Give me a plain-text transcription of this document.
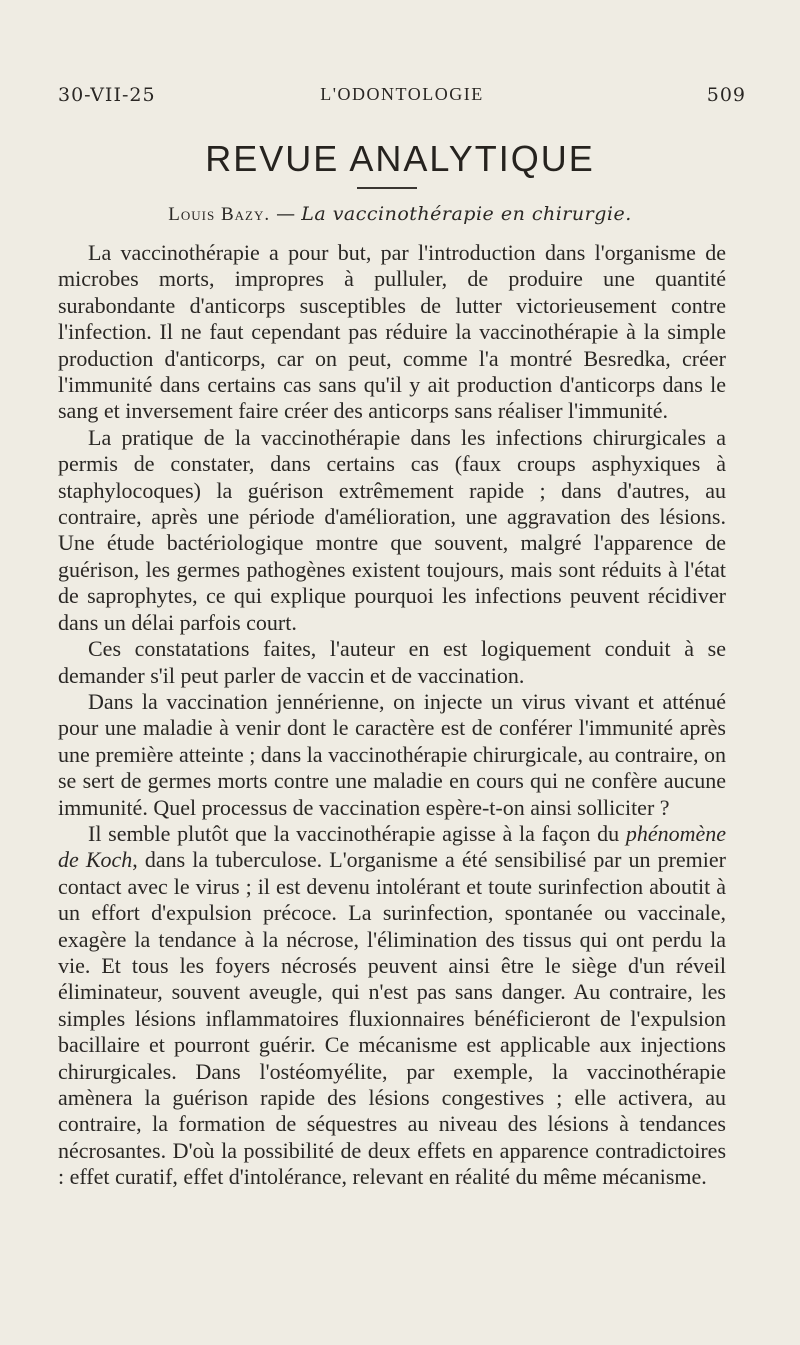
30-VII-25	L'ODONTOLOGIE	509
REVUE ANALYTIQUE
Louis Bazy. — La vaccinothérapie en chirurgie.

La vaccinothérapie a pour but, par l'introduction dans l'organisme de microbes morts, impropres à pulluler, de produire une quantité surabondante d'anticorps susceptibles de lutter victorieusement contre l'infection. Il ne faut cependant pas réduire la vaccinothérapie à la simple production d'anticorps, car on peut, comme l'a montré Besredka, créer l'immunité dans certains cas sans qu'il y ait production d'anticorps dans le sang et inversement faire créer des anticorps sans réaliser l'immunité.

La pratique de la vaccinothérapie dans les infections chirurgicales a permis de constater, dans certains cas (faux croups asphyxiques à staphylocoques) la guérison extrêmement rapide ; dans d'autres, au contraire, après une période d'amélioration, une aggravation des lésions. Une étude bactériologique montre que souvent, malgré l'apparence de guérison, les germes pathogènes existent toujours, mais sont réduits à l'état de saprophytes, ce qui explique pourquoi les infections peuvent récidiver dans un délai parfois court.

Ces constatations faites, l'auteur en est logiquement conduit à se demander s'il peut parler de vaccin et de vaccination.

Dans la vaccination jennérienne, on injecte un virus vivant et atténué pour une maladie à venir dont le caractère est de conférer l'immunité après une première atteinte ; dans la vaccinothérapie chirurgicale, au contraire, on se sert de germes morts contre une maladie en cours qui ne confère aucune immunité. Quel processus de vaccination espère-t-on ainsi solliciter ?

Il semble plutôt que la vaccinothérapie agisse à la façon du phénomène de Koch, dans la tuberculose. L'organisme a été sensibilisé par un premier contact avec le virus ; il est devenu intolérant et toute surinfection aboutit à un effort d'expulsion précoce. La surinfection, spontanée ou vaccinale, exagère la tendance à la nécrose, l'élimination des tissus qui ont perdu la vie. Et tous les foyers nécrosés peuvent ainsi être le siège d'un réveil éliminateur, souvent aveugle, qui n'est pas sans danger. Au contraire, les simples lésions inflammatoires fluxionnaires bénéficieront de l'expulsion bacillaire et pourront guérir. Ce mécanisme est applicable aux injections chirurgicales. Dans l'ostéomyélite, par exemple, la vaccinothérapie amènera la guérison rapide des lésions congestives ; elle activera, au contraire, la formation de séquestres au niveau des lésions à tendances nécrosantes. D'où la possibilité de deux effets en apparence contradictoires : effet curatif, effet d'intolérance, relevant en réalité du même mécanisme.
